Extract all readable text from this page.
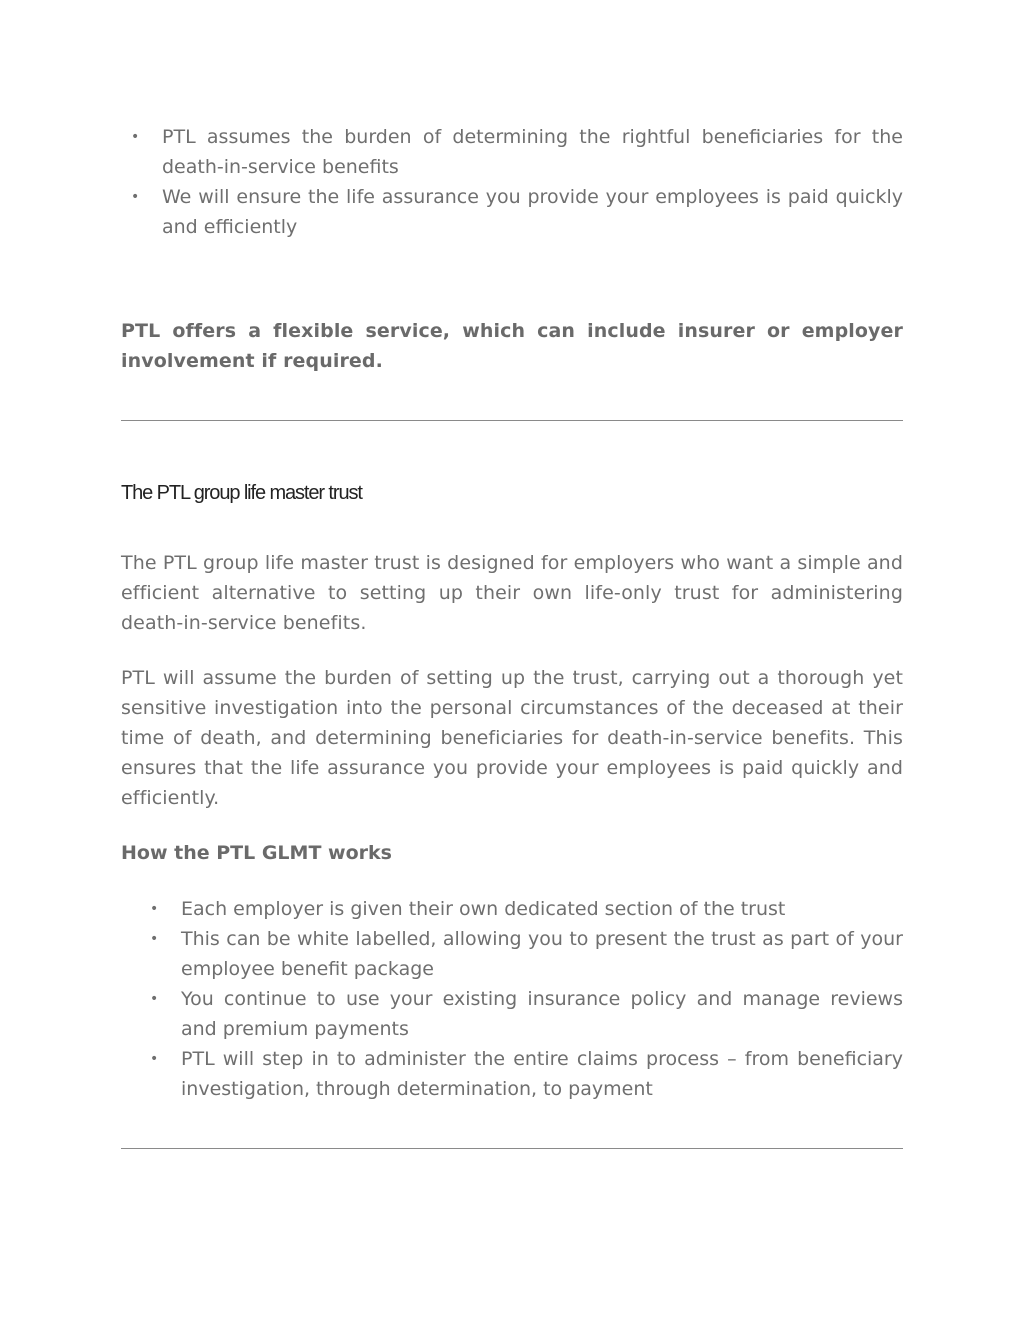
• PTL assumes the burden of determining the rightful beneficiaries for the death-in-service benefits
• We will ensure the life assurance you provide your employees is paid quickly and efficiently
PTL offers a flexible service, which can include insurer or employer involvement if required.
The PTL group life master trust
The PTL group life master trust is designed for employers who want a simple and efficient alternative to setting up their own life-only trust for administering death-in-service benefits.
PTL will assume the burden of setting up the trust, carrying out a thorough yet sensitive investigation into the personal circumstances of the deceased at their time of death, and determining beneficiaries for death-in-service benefits. This ensures that the life assurance you provide your employees is paid quickly and efficiently.
How the PTL GLMT works
• Each employer is given their own dedicated section of the trust
• This can be white labelled, allowing you to present the trust as part of your employee benefit package
• You continue to use your existing insurance policy and manage reviews and premium payments
• PTL will step in to administer the entire claims process – from beneficiary investigation, through determination, to payment
